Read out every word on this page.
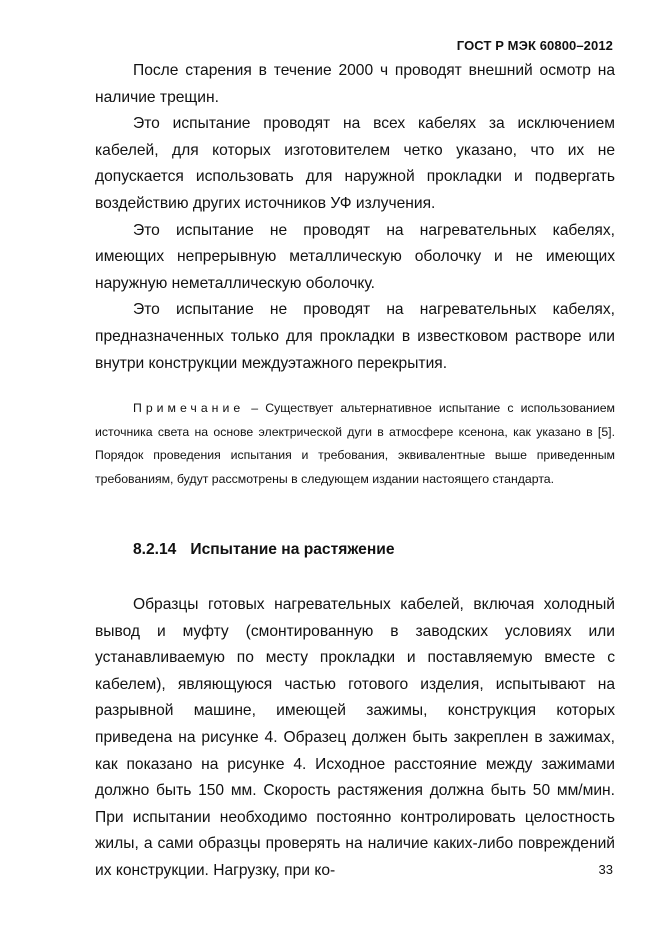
ГОСТ Р МЭК 60800–2012

После старения в течение 2000 ч проводят внешний осмотр на наличие трещин.

Это испытание проводят на всех кабелях за исключением кабелей, для которых изготовителем четко указано, что их не допускается использовать для наружной прокладки и подвергать воздействию других источников УФ излучения.

Это испытание не проводят на нагревательных кабелях, имеющих непрерывную металлическую оболочку и не имеющих наружную неметаллическую оболочку.

Это испытание не проводят на нагревательных кабелях, предназначенных только для прокладки в известковом растворе или внутри конструкции междуэтажного перекрытия.

Примечание – Существует альтернативное испытание с использованием источника света на основе электрической дуги в атмосфере ксенона, как указано в [5]. Порядок проведения испытания и требования, эквивалентные выше приведенным требованиям, будут рассмотрены в следующем издании настоящего стандарта.

8.2.14 Испытание на растяжение

Образцы готовых нагревательных кабелей, включая холодный вывод и муфту (смонтированную в заводских условиях или устанавливаемую по месту прокладки и поставляемую вместе с кабелем), являющуюся частью готового изделия, испытывают на разрывной машине, имеющей зажимы, конструкция которых приведена на рисунке 4. Образец должен быть закреплен в зажимах, как показано на рисунке 4. Исходное расстояние между зажимами должно быть 150 мм. Скорость растяжения должна быть 50 мм/мин. При испытании необходимо постоянно контролировать целостность жилы, а сами образцы проверять на наличие каких-либо повреждений их конструкции. Нагрузку, при ко-	33
